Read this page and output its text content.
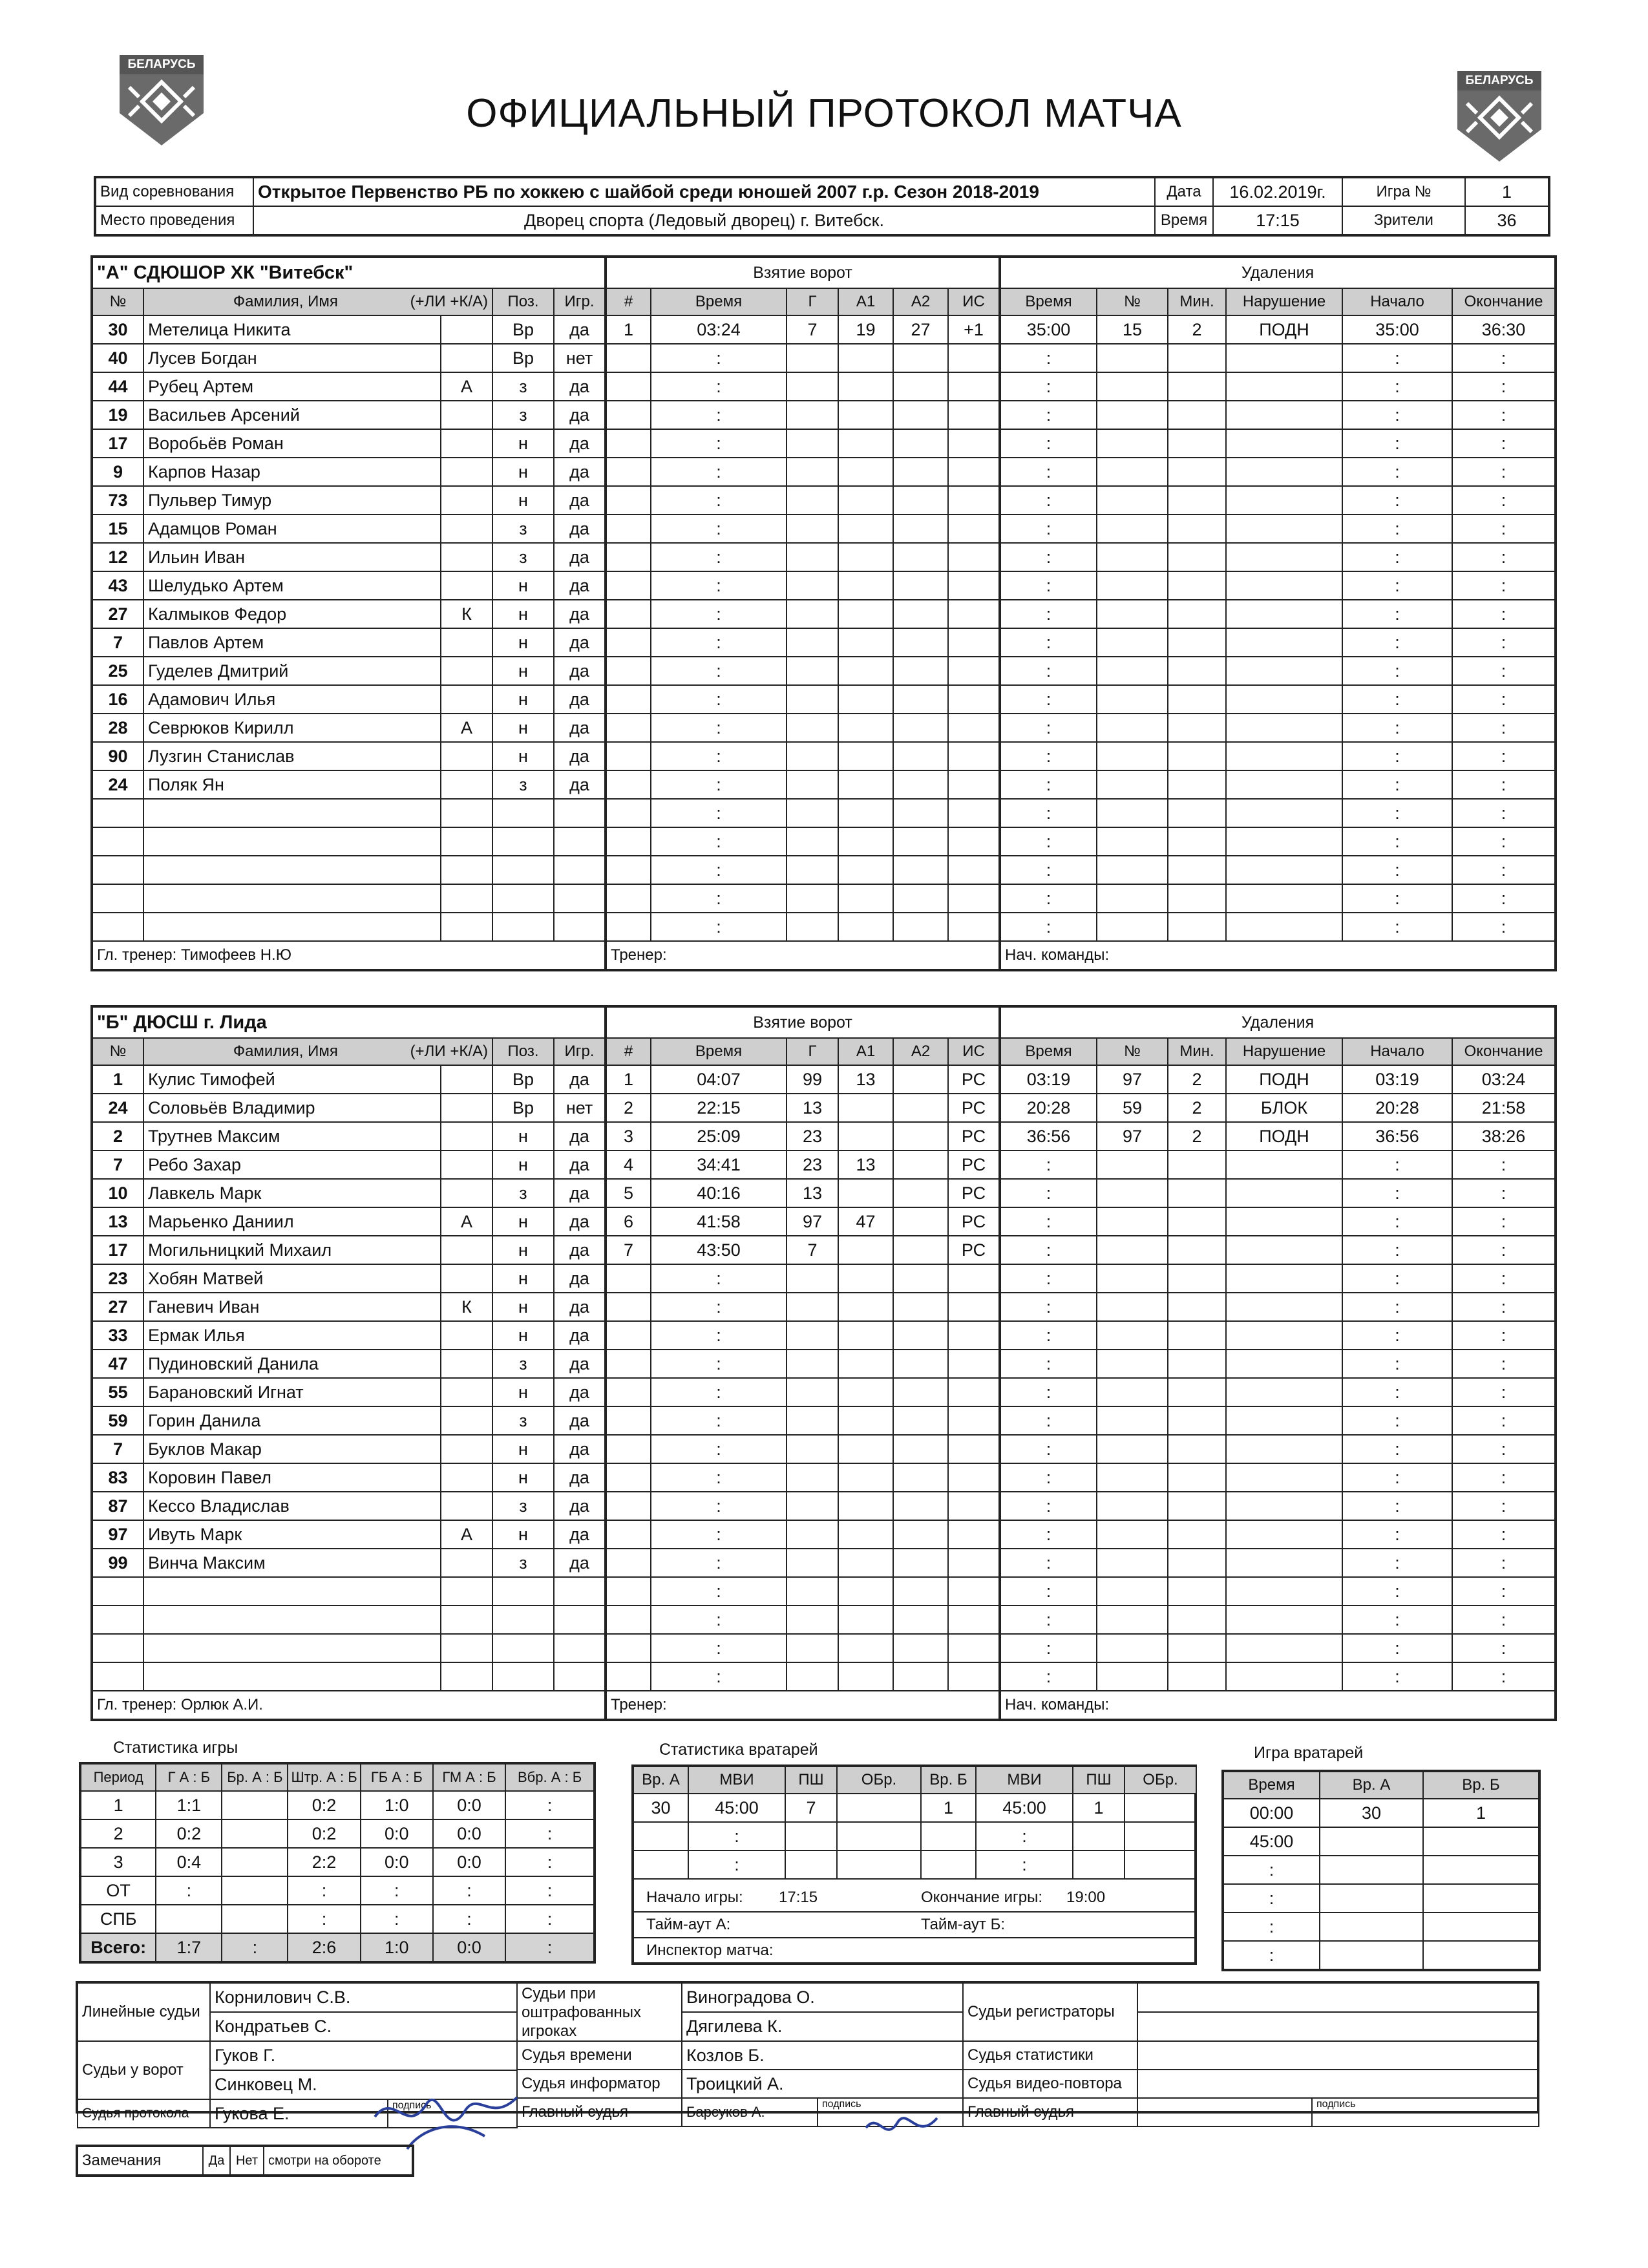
БЕЛАРУСЬ
БЕЛАРУСЬ
ОФИЦИАЛЬНЫЙ ПРОТОКОЛ МАТЧА
Вид соревнования	Открытое Первенство РБ по хоккею с шайбой среди юношей 2007 г.р. Сезон 2018-2019	Дата	16.02.2019г.	Игра №	1
Место проведения	Дворец спорта (Ледовый дворец) г. Витебск.	Время	17:15	Зрители	36
"А" СДЮШОР ХК "Витебск"				
№	Фамилия, Имя (+ЛИ +К/А)		Поз.	Игр.
30	Метелица Никита		Вр	да
40	Лусев Богдан		Вр	нет
44	Рубец Артем	А	з	да
19	Васильев Арсений		з	да
17	Воробьёв Роман		н	да
9	Карпов Назар		н	да
73	Пульвер Тимур		н	да
15	Адамцов Роман		з	да
12	Ильин Иван		з	да
43	Шелудько Артем		н	да
27	Калмыков Федор	К	н	да
7	Павлов Артем		н	да
25	Гуделев Дмитрий		н	да
16	Адамович Илья		н	да
28	Севрюков Кирилл	А	н	да
90	Лузгин Станислав		н	да
24	Поляк Ян		з	да

Гл. тренер: Тимофеев Н.Ю				
Взятие ворот					
#	Время	Г	А1	А2	ИС
1	03:24	7	19	27	+1
	:				
	:				
	:				
	:				
	:				
	:				
	:				
	:				
	:				
	:				
	:				
	:				
	:				
	:				
	:				
	:				
	:				
	:				
	:				
	:				
	:				
Тренер:					
Удаления					
Время	№	Мин.	Нарушение	Начало	Окончание
35:00	15	2	ПОДН	35:00	36:30
:				:	:
:				:	:
:				:	:
:				:	:
:				:	:
:				:	:
:				:	:
:				:	:
:				:	:
:				:	:
:				:	:
:				:	:
:				:	:
:				:	:
:				:	:
:				:	:
:				:	:
:				:	:
:				:	:
:				:	:
:				:	:
Нач. команды:					
"Б" ДЮСШ г. Лида				
№	Фамилия, Имя (+ЛИ +К/А)		Поз.	Игр.
1	Кулис Тимофей		Вр	да
24	Соловьёв Владимир		Вр	нет
2	Трутнев Максим		н	да
7	Ребо Захар		н	да
10	Лавкель Марк		з	да
13	Марьенко Даниил	А	н	да
17	Могильницкий Михаил		н	да
23	Хобян Матвей		н	да
27	Ганевич Иван	К	н	да
33	Ермак Илья		н	да
47	Пудиновский Данила		з	да
55	Барановский Игнат		н	да
59	Горин Данила		з	да
7	Буклов Макар		н	да
83	Коровин Павел		н	да
87	Кессо Владислав		з	да
97	Ивуть Марк	А	н	да
99	Винча Максим		з	да

Гл. тренер: Орлюк А.И.				
Взятие ворот					
#	Время	Г	А1	А2	ИС
1	04:07	99	13		РС
2	22:15	13			РС
3	25:09	23			РС
4	34:41	23	13		РС
5	40:16	13			РС
6	41:58	97	47		РС
7	43:50	7			РС
	:				
	:				
	:				
	:				
	:				
	:				
	:				
	:				
	:				
	:				
	:				
	:				
	:				
	:				
	:				
Тренер:					
Удаления					
Время	№	Мин.	Нарушение	Начало	Окончание
03:19	97	2	ПОДН	03:19	03:24
20:28	59	2	БЛОК	20:28	21:58
36:56	97	2	ПОДН	36:56	38:26
:				:	:
:				:	:
:				:	:
:				:	:
:				:	:
:				:	:
:				:	:
:				:	:
:				:	:
:				:	:
:				:	:
:				:	:
:				:	:
:				:	:
:				:	:
:				:	:
:				:	:
:				:	:
:				:	:
Нач. команды:					
Статистика игры
Период	Г А : Б	Бр. А : Б	Штр. А : Б	ГБ А : Б	ГМ А : Б	Вбр. А : Б
1	1:1		0:2	1:0	0:0	:
2	0:2		0:2	0:0	0:0	:
3	0:4		2:2	0:0	0:0	:
ОТ	:		:	:	:	:
СПБ			:	:	:	:
Всего:	1:7	:	2:6	1:0	0:0	:
Статистика вратарей
Вр. А	МВИ	ПШ	ОБр.	Вр. Б	МВИ	ПШ	ОБр.
30	45:00	7		1	45:00	1	
	:				:		
	:				:		
Начало игры: 17:15	Окончание игры: 19:00
Тайм-аут А:	Тайм-аут Б:
Инспектор матча:
Игра вратарей
Время	Вр. А	Вр. Б
00:00	30	1
45:00		
:		
:		
:		
:		
Линейные судьи	Корнилович С.В.	
	Кондратьев С.	
Судьи у ворот	Гуков Г.	
	Синковец М.	
Судья протокола	Гукова Е.	подпись
Судьи при оштрафованных игроках	Виноградова О.	
	Дягилева К.	
Судья времени	Козлов Б.	
Судья информатор	Троицкий А.	
Главный судья	Барсуков А.	подпись
Судьи регистраторы		

Судья статистики		
Судья видео-повтора		
Главный судья		подпись
Замечания	Да	Нет	смотри на обороте
